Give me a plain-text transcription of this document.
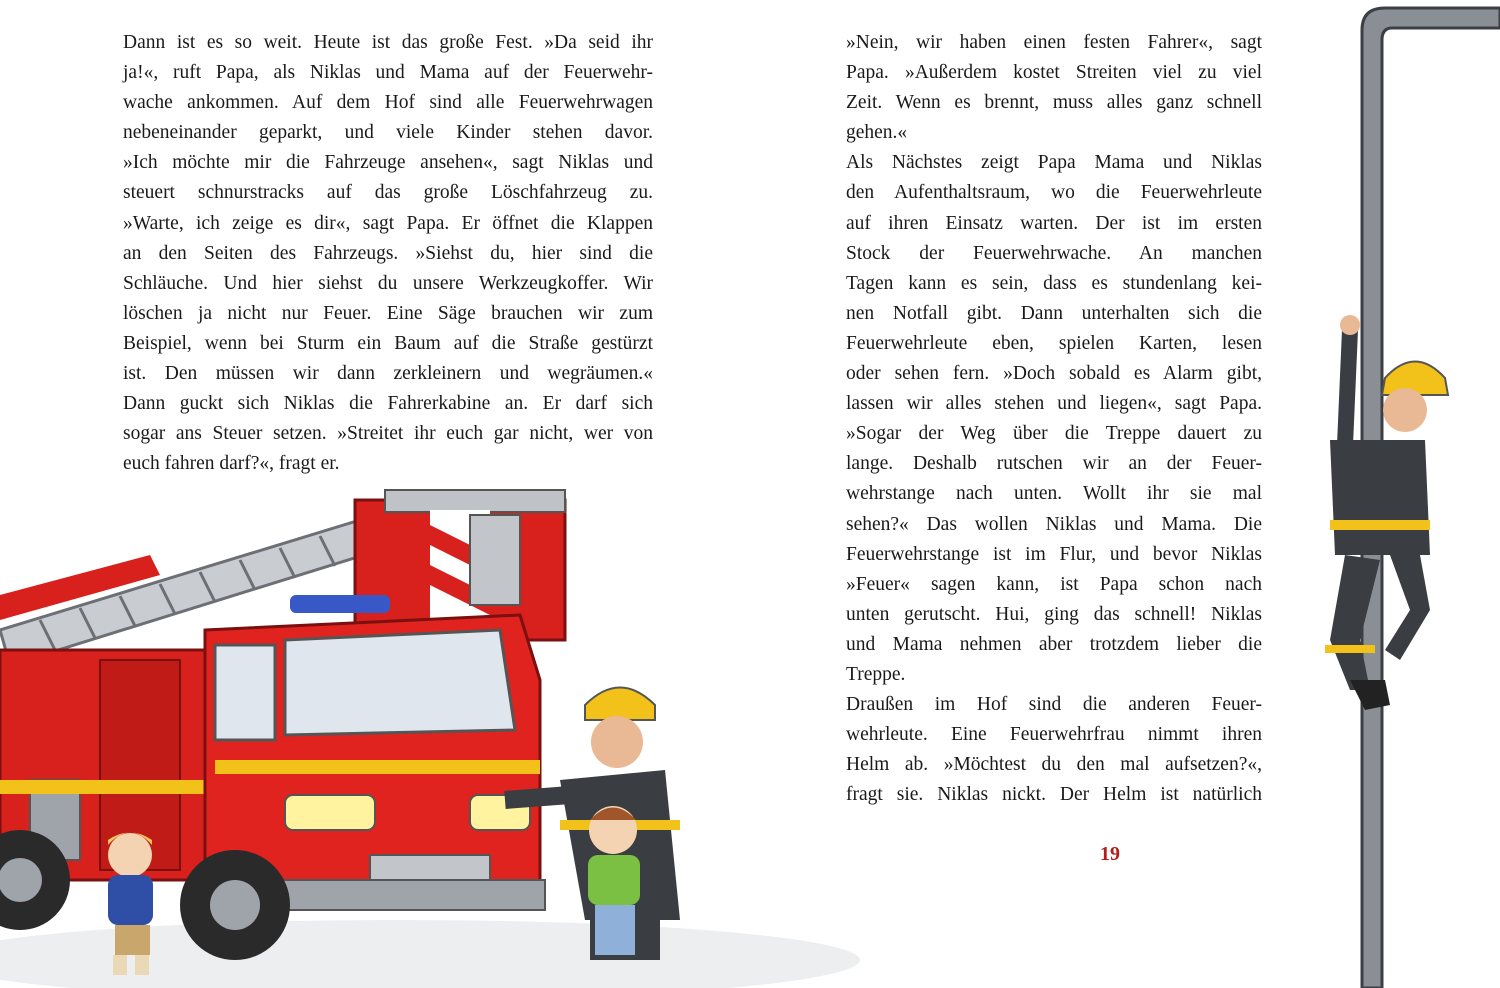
Dann ist es so weit. Heute ist das große Fest. »Da seid ihr
ja!«, ruft Papa, als Niklas und Mama auf der Feuerwehr-
wache ankommen. Auf dem Hof sind alle Feuerwehrwagen
nebeneinander geparkt, und viele Kinder stehen davor.
»Ich möchte mir die Fahrzeuge ansehen«, sagt Niklas und
steuert schnurstracks auf das große Löschfahrzeug zu.
»Warte, ich zeige es dir«, sagt Papa. Er öffnet die Klappen
an den Seiten des Fahrzeugs. »Siehst du, hier sind die
Schläuche. Und hier siehst du unsere Werkzeugkoffer. Wir
löschen ja nicht nur Feuer. Eine Säge brauchen wir zum
Beispiel, wenn bei Sturm ein Baum auf die Straße gestürzt
ist. Den müssen wir dann zerkleinern und wegräumen.«
Dann guckt sich Niklas die Fahrerkabine an. Er darf sich
sogar ans Steuer setzen. »Streitet ihr euch gar nicht, wer von
euch fahren darf?«, fragt er.
»Nein, wir haben einen festen Fahrer«, sagt
Papa. »Außerdem kostet Streiten viel zu viel
Zeit. Wenn es brennt, muss alles ganz schnell
gehen.«
Als Nächstes zeigt Papa Mama und Niklas
den Aufenthaltsraum, wo die Feuerwehrleute
auf ihren Einsatz warten. Der ist im ersten
Stock der Feuerwehrwache. An manchen
Tagen kann es sein, dass es stundenlang kei-
nen Notfall gibt. Dann unterhalten sich die
Feuerwehrleute eben, spielen Karten, lesen
oder sehen fern. »Doch sobald es Alarm gibt,
lassen wir alles stehen und liegen«, sagt Papa.
»Sogar der Weg über die Treppe dauert zu
lange. Deshalb rutschen wir an der Feuer-
wehrstange nach unten. Wollt ihr sie mal
sehen?« Das wollen Niklas und Mama. Die
Feuerwehrstange ist im Flur, und bevor Niklas
»Feuer« sagen kann, ist Papa schon nach
unten gerutscht. Hui, ging das schnell! Niklas
und Mama nehmen aber trotzdem lieber die
Treppe.
Draußen im Hof sind die anderen Feuer-
wehrleute. Eine Feuerwehrfrau nimmt ihren
Helm ab. »Möchtest du den mal aufsetzen?«,
fragt sie. Niklas nickt. Der Helm ist natürlich
19
